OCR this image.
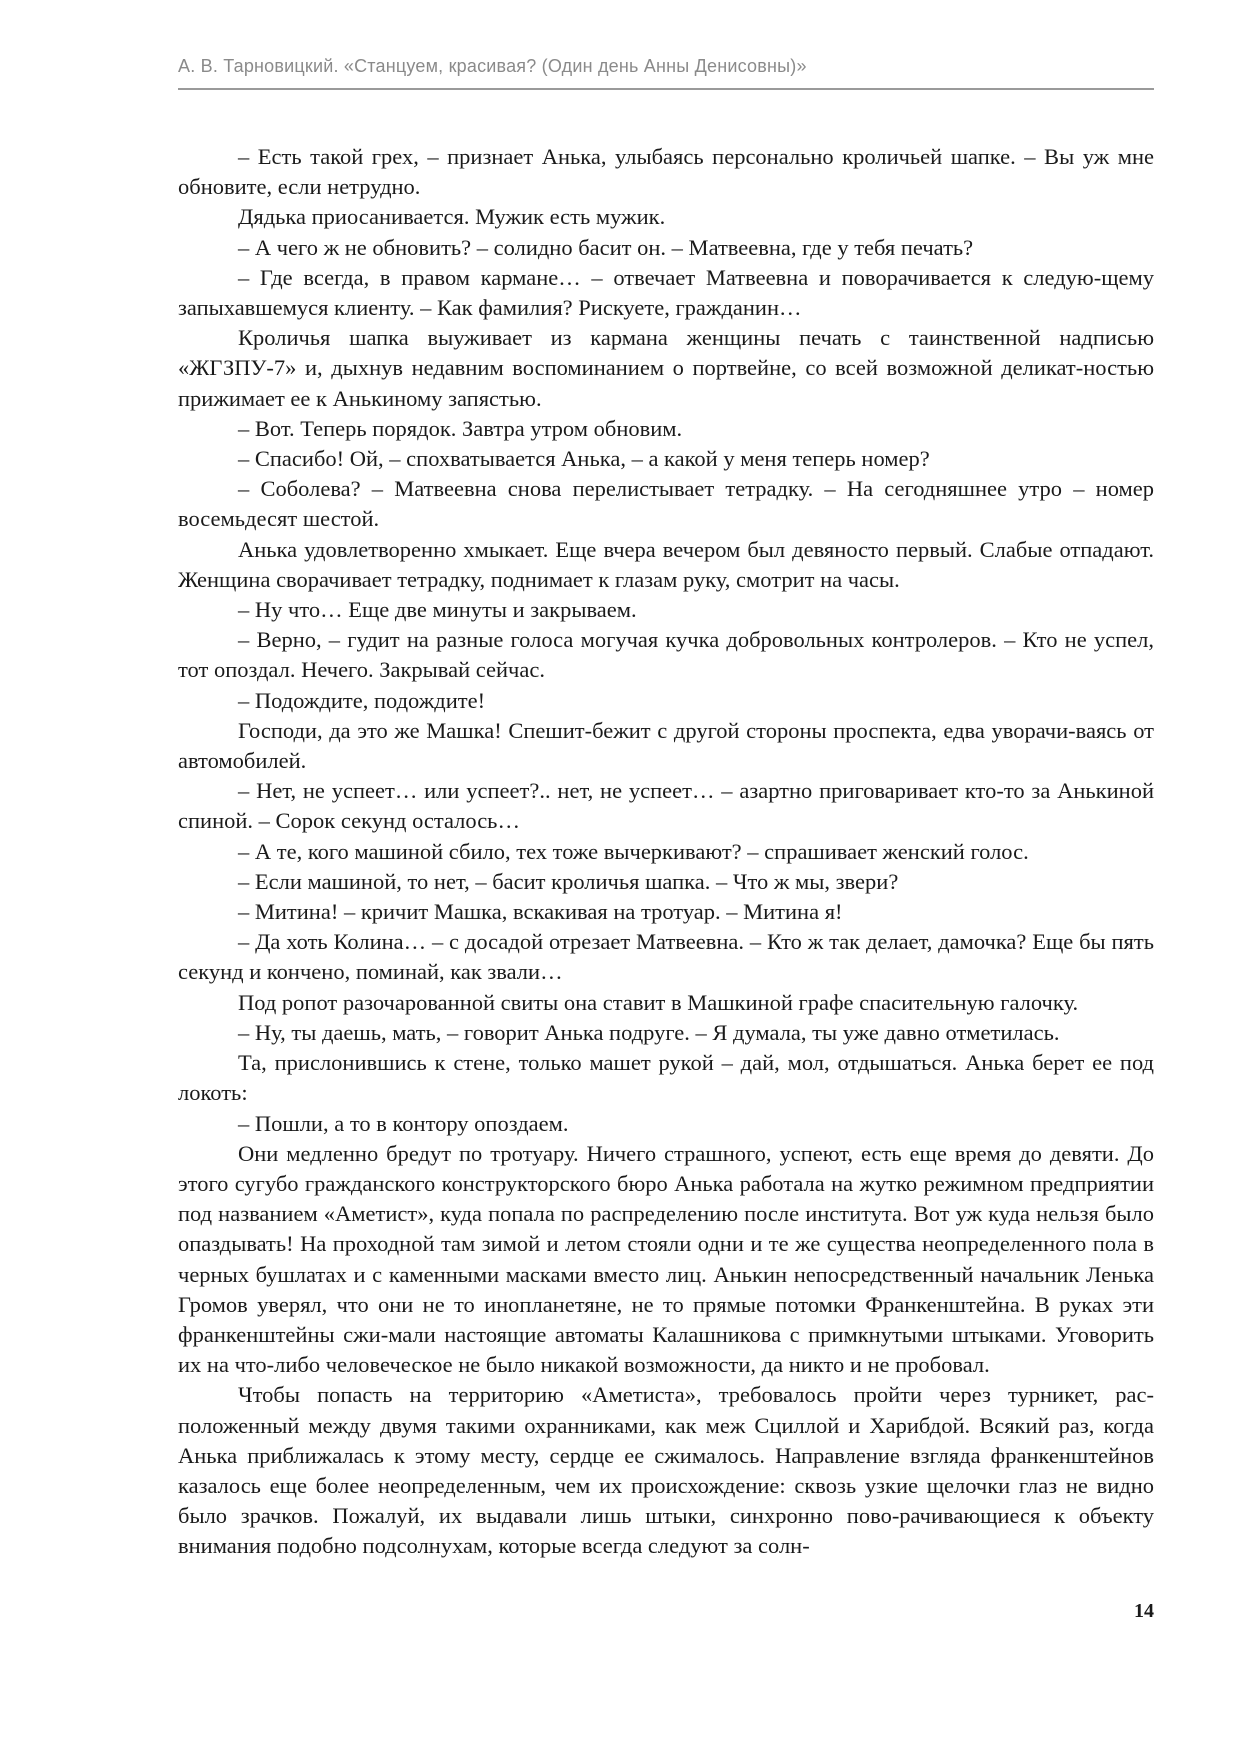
А. В. Тарновицкий. «Станцуем, красивая? (Один день Анны Денисовны)»

– Есть такой грех, – признает Анька, улыбаясь персонально кроличьей шапке. – Вы уж мне обновите, если нетрудно.

Дядька приосанивается. Мужик есть мужик.

– А чего ж не обновить? – солидно басит он. – Матвеевна, где у тебя печать?

– Где всегда, в правом кармане… – отвечает Матвеевна и поворачивается к следую-щему запыхавшемуся клиенту. – Как фамилия? Рискуете, гражданин…

Кроличья шапка выуживает из кармана женщины печать с таинственной надписью «ЖГЗПУ-7» и, дыхнув недавним воспоминанием о портвейне, со всей возможной деликат-ностью прижимает ее к Анькиному запястью.

– Вот. Теперь порядок. Завтра утром обновим.

– Спасибо! Ой, – спохватывается Анька, – а какой у меня теперь номер?

– Соболева? – Матвеевна снова перелистывает тетрадку. – На сегодняшнее утро – номер восемьдесят шестой.

Анька удовлетворенно хмыкает. Еще вчера вечером был девяносто первый. Слабые отпадают. Женщина сворачивает тетрадку, поднимает к глазам руку, смотрит на часы.

– Ну что… Еще две минуты и закрываем.

– Верно, – гудит на разные голоса могучая кучка добровольных контролеров. – Кто не успел, тот опоздал. Нечего. Закрывай сейчас.

– Подождите, подождите!

Господи, да это же Машка! Спешит-бежит с другой стороны проспекта, едва уворачи-ваясь от автомобилей.

– Нет, не успеет… или успеет?.. нет, не успеет… – азартно приговаривает кто-то за Анькиной спиной. – Сорок секунд осталось…

– А те, кого машиной сбило, тех тоже вычеркивают? – спрашивает женский голос.

– Если машиной, то нет, – басит кроличья шапка. – Что ж мы, звери?

– Митина! – кричит Машка, вскакивая на тротуар. – Митина я!

– Да хоть Колина… – с досадой отрезает Матвеевна. – Кто ж так делает, дамочка? Еще бы пять секунд и кончено, поминай, как звали…

Под ропот разочарованной свиты она ставит в Машкиной графе спасительную галочку.

– Ну, ты даешь, мать, – говорит Анька подруге. – Я думала, ты уже давно отметилась.

Та, прислонившись к стене, только машет рукой – дай, мол, отдышаться. Анька берет ее под локоть:

– Пошли, а то в контору опоздаем.

Они медленно бредут по тротуару. Ничего страшного, успеют, есть еще время до девяти. До этого сугубо гражданского конструкторского бюро Анька работала на жутко режимном предприятии под названием «Аметист», куда попала по распределению после института. Вот уж куда нельзя было опаздывать! На проходной там зимой и летом стояли одни и те же существа неопределенного пола в черных бушлатах и с каменными масками вместо лиц. Анькин непосредственный начальник Ленька Громов уверял, что они не то инопланетяне, не то прямые потомки Франкенштейна. В руках эти франкенштейны сжи-мали настоящие автоматы Калашникова с примкнутыми штыками. Уговорить их на что-либо человеческое не было никакой возможности, да никто и не пробовал.

Чтобы попасть на территорию «Аметиста», требовалось пройти через турникет, рас-положенный между двумя такими охранниками, как меж Сциллой и Харибдой. Всякий раз, когда Анька приближалась к этому месту, сердце ее сжималось. Направление взгляда франкенштейнов казалось еще более неопределенным, чем их происхождение: сквозь узкие щелочки глаз не видно было зрачков. Пожалуй, их выдавали лишь штыки, синхронно пово-рачивающиеся к объекту внимания подобно подсолнухам, которые всегда следуют за солн-

14
